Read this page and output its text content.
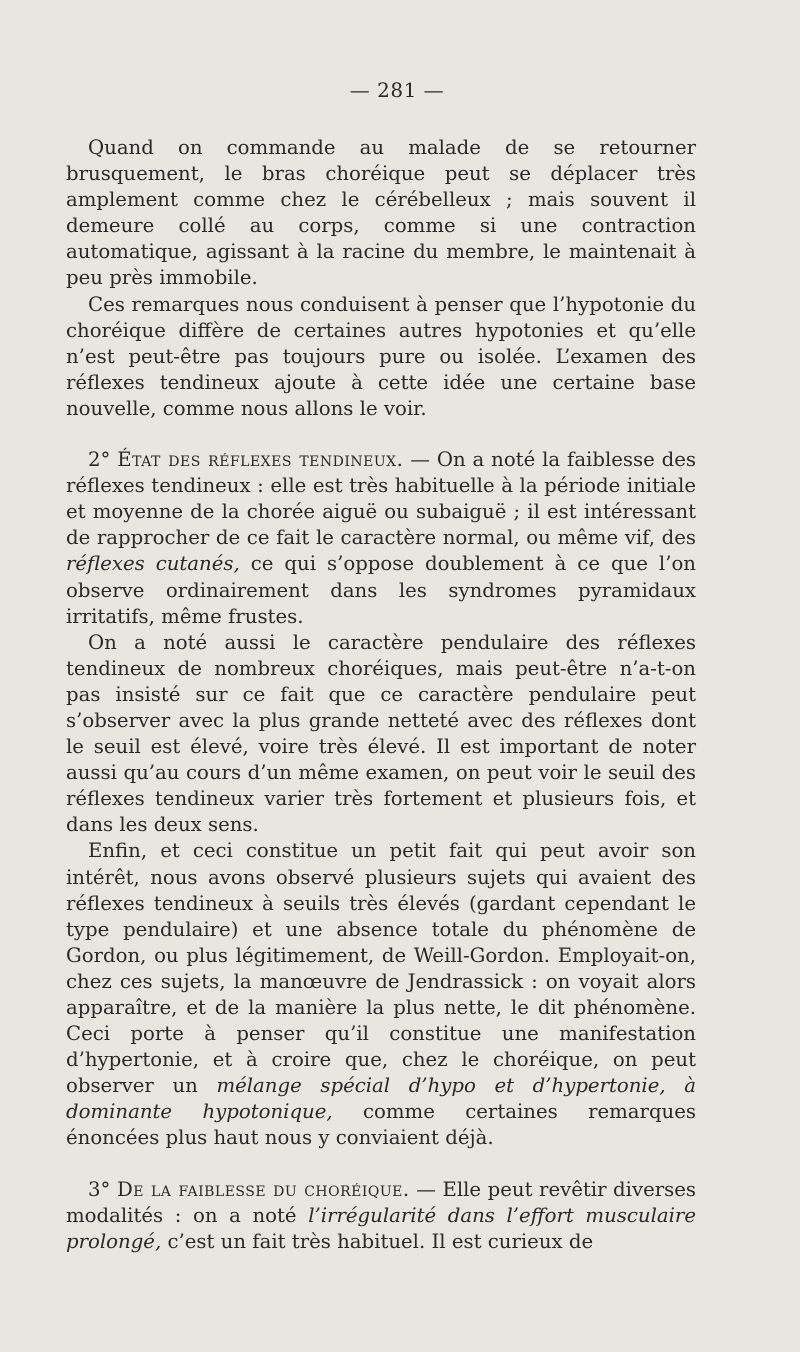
— 281 —

Quand on commande au malade de se retourner brusquement, le bras choréique peut se déplacer très amplement comme chez le cérébelleux ; mais souvent il demeure collé au corps, comme si une contraction automatique, agissant à la racine du membre, le maintenait à peu près immobile.

Ces remarques nous conduisent à penser que l’hypotonie du choréique diffère de certaines autres hypotonies et qu’elle n’est peut-être pas toujours pure ou isolée. L’examen des réflexes tendineux ajoute à cette idée une certaine base nouvelle, comme nous allons le voir.

2° État des réflexes tendineux. — On a noté la faiblesse des réflexes tendineux : elle est très habituelle à la période initiale et moyenne de la chorée aiguë ou subaiguë ; il est intéressant de rapprocher de ce fait le caractère normal, ou même vif, des réflexes cutanés, ce qui s’oppose doublement à ce que l’on observe ordinairement dans les syndromes pyramidaux irritatifs, même frustes.

On a noté aussi le caractère pendulaire des réflexes tendineux de nombreux choréiques, mais peut-être n’a-t-on pas insisté sur ce fait que ce caractère pendulaire peut s’observer avec la plus grande netteté avec des réflexes dont le seuil est élevé, voire très élevé. Il est important de noter aussi qu’au cours d’un même examen, on peut voir le seuil des réflexes tendineux varier très fortement et plusieurs fois, et dans les deux sens.

Enfin, et ceci constitue un petit fait qui peut avoir son intérêt, nous avons observé plusieurs sujets qui avaient des réflexes tendineux à seuils très élevés (gardant cependant le type pendulaire) et une absence totale du phénomène de Gordon, ou plus légitimement, de Weill-Gordon. Employait-on, chez ces sujets, la manœuvre de Jendrassick : on voyait alors apparaître, et de la manière la plus nette, le dit phénomène. Ceci porte à penser qu’il constitue une manifestation d’hypertonie, et à croire que, chez le choréique, on peut observer un mélange spécial d’hypo et d’hypertonie, à dominante hypotonique, comme certaines remarques énoncées plus haut nous y conviaient déjà.

3° De la faiblesse du choréique. — Elle peut revêtir diverses modalités : on a noté l’irrégularité dans l’effort musculaire prolongé, c’est un fait très habituel. Il est curieux de
